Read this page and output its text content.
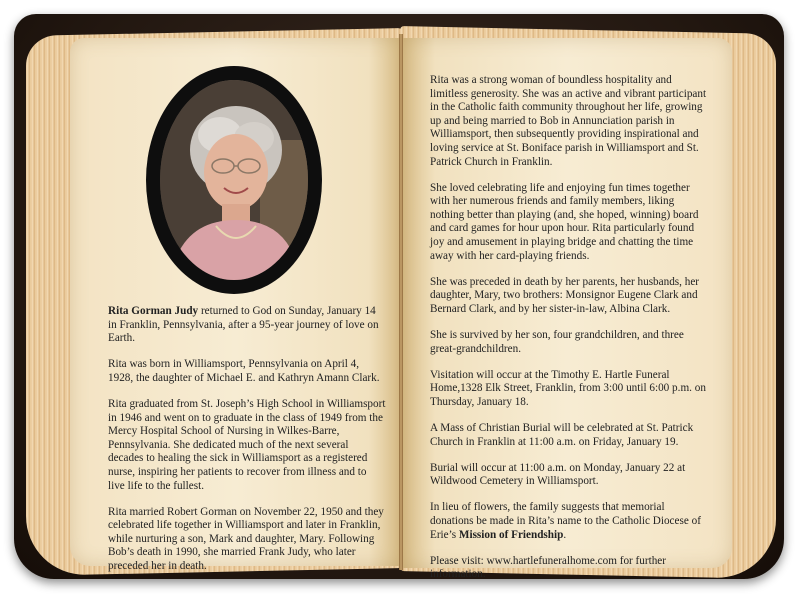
Rita Gorman Judy returned to God on Sunday, January 14 in Franklin, Pennsylvania, after a 95-year journey of love on Earth.

Rita was born in Williamsport, Pennsylvania on April 4, 1928, the daughter of Michael E. and Kathryn Amann Clark.

Rita graduated from St. Joseph’s High School in Williamsport in 1946 and went on to graduate in the class of 1949 from the Mercy Hospital School of Nursing in Wilkes-Barre, Pennsylvania. She dedicated much of the next several decades to healing the sick in Williamsport as a registered nurse, inspiring her patients to recover from illness and to live life to the fullest.

Rita married Robert Gorman on November 22, 1950 and they celebrated life together in Williamsport and later in Franklin, while nurturing a son, Mark and daughter, Mary. Following Bob’s death in 1990, she married Frank Judy, who later preceded her in death.

Rita was a strong woman of boundless hospitality and limitless generosity. She was an active and vibrant participant in the Catholic faith community throughout her life, growing up and being married to Bob in Annunciation parish in Williamsport, then subsequently providing inspirational and loving service at St. Boniface parish in Williamsport and St. Patrick Church in Franklin.

She loved celebrating life and enjoying fun times together with her numerous friends and family members, liking nothing better than playing (and, she hoped, winning) board and card games for hour upon hour. Rita particularly found joy and amusement in playing bridge and chatting the time away with her card-playing friends.

She was preceded in death by her parents, her husbands, her daughter, Mary, two brothers: Monsignor Eugene Clark and Bernard Clark, and by her sister-in-law, Albina Clark.

She is survived by her son, four grandchildren, and three great-grandchildren.

Visitation will occur at the Timothy E. Hartle Funeral Home,1328 Elk Street, Franklin, from 3:00 until 6:00 p.m. on Thursday, January 18.

A Mass of Christian Burial will be celebrated at St. Patrick Church in Franklin at 11:00 a.m. on Friday, January 19.

Burial will occur at 11:00 a.m. on Monday, January 22 at Wildwood Cemetery in Williamsport.

In lieu of flowers, the family suggests that memorial donations be made in Rita’s name to the Catholic Diocese of Erie’s Mission of Friendship.

Please visit: www.hartlefuneralhome.com for further information.
